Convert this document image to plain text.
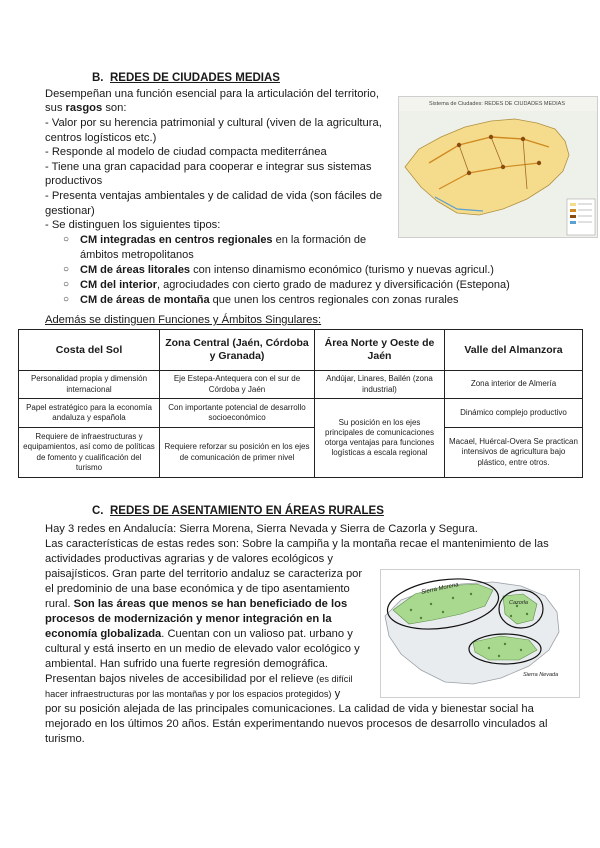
B. REDES DE CIUDADES MEDIAS
Desempeñan una función esencial para la articulación del territorio,
sus rasgos son:
- Valor por su herencia patrimonial y cultural (viven de la agricultura,
centros logísticos etc.)
- Responde al modelo de ciudad compacta mediterránea
- Tiene una gran capacidad para cooperar e integrar sus sistemas
productivos
- Presenta ventajas ambientales y de calidad de vida (son fáciles de
gestionar)
- Se distinguen los siguientes tipos:
○ CM integradas en centros regionales en la formación de
ámbitos metropolitanos
○ CM de áreas litorales con intenso dinamismo económico (turismo y nuevas agricul.)
○ CM del interior, agrociudades con cierto grado de madurez y diversificación (Estepona)
○ CM de áreas de montaña que unen los centros regionales con zonas rurales
Además se distinguen Funciones y Ámbitos Singulares:
Sistema de Ciudades: REDES DE CIUDADES MEDIAS
Costa del Sol	Zona Central (Jaén, Córdoba y Granada)	Área Norte y Oeste de Jaén	Valle del Almanzora
Personalidad propia y dimensión internacional	Eje Estepa-Antequera con el sur de Córdoba y Jaén	Andújar, Linares, Bailén (zona industrial)	Zona interior de Almería
Papel estratégico para la economía andaluza y española	Con importante potencial de desarrollo socioeconómico	Su posición en los ejes principales de comunicaciones otorga ventajas para funciones logísticas a escala regional	Dinámico complejo productivo
Requiere de infraestructuras y equipamientos, así como de políticas de fomento y cualificación del turismo	Requiere reforzar su posición en los ejes de comunicación de primer nivel		Macael, Huércal-Overa Se practican intensivos de agricultura bajo plástico, entre otros.
C. REDES DE ASENTAMIENTO EN ÁREAS RURALES
Hay 3 redes en Andalucía: Sierra Morena, Sierra Nevada y Sierra de Cazorla y Segura.
Las características de estas redes son: Sobre la campiña y la montaña recae el mantenimiento de las
actividades productivas agrarias y de valores ecológicos y
paisajísticos. Gran parte del territorio andaluz se caracteriza por
el predominio de una base económica y de tipo asentamiento
rural. Son las áreas que menos se han beneficiado de los
procesos de modernización y menor integración en la
economía globalizada. Cuentan con un valioso pat. urbano y
cultural y está inserto en un medio de elevado valor ecológico y
ambiental. Han sufrido una fuerte regresión demográfica.
Presentan bajos niveles de accesibilidad por el relieve (es difícil
hacer infraestructuras por las montañas y por los espacios protegidos) y
por su posición alejada de las principales comunicaciones. La calidad de vida y bienestar social ha
mejorado en los últimos 20 años. Están experimentando nuevos procesos de desarrollo vinculados al
turismo.
Sierra Morena
Cazorla
Sierra Nevada
